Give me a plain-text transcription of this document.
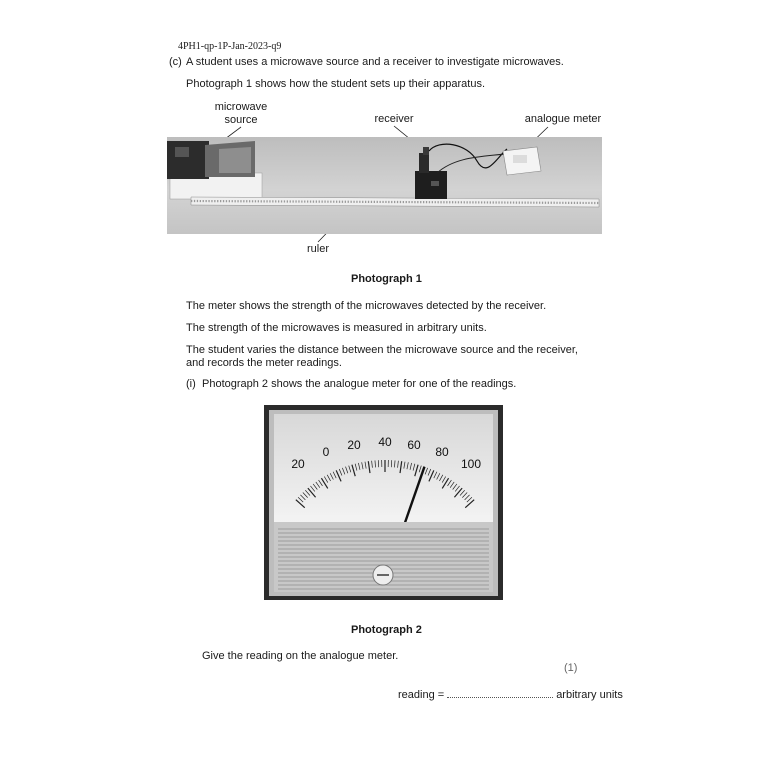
4PH1-qp-1P-Jan-2023-q9
(c) A student uses a microwave source and a receiver to investigate microwaves.
Photograph 1 shows how the student sets up their apparatus.
microwave
source	receiver	analogue meter
ruler
Photograph 1
The meter shows the strength of the microwaves detected by the receiver.
The strength of the microwaves is measured in arbitrary units.
The student varies the distance between the microwave source and the receiver,
and records the meter readings.
(i) Photograph 2 shows the analogue meter for one of the readings.
20
0 20 40 60 80
100
Photograph 2
Give the reading on the analogue meter.
(1)
reading =	arbitrary units
